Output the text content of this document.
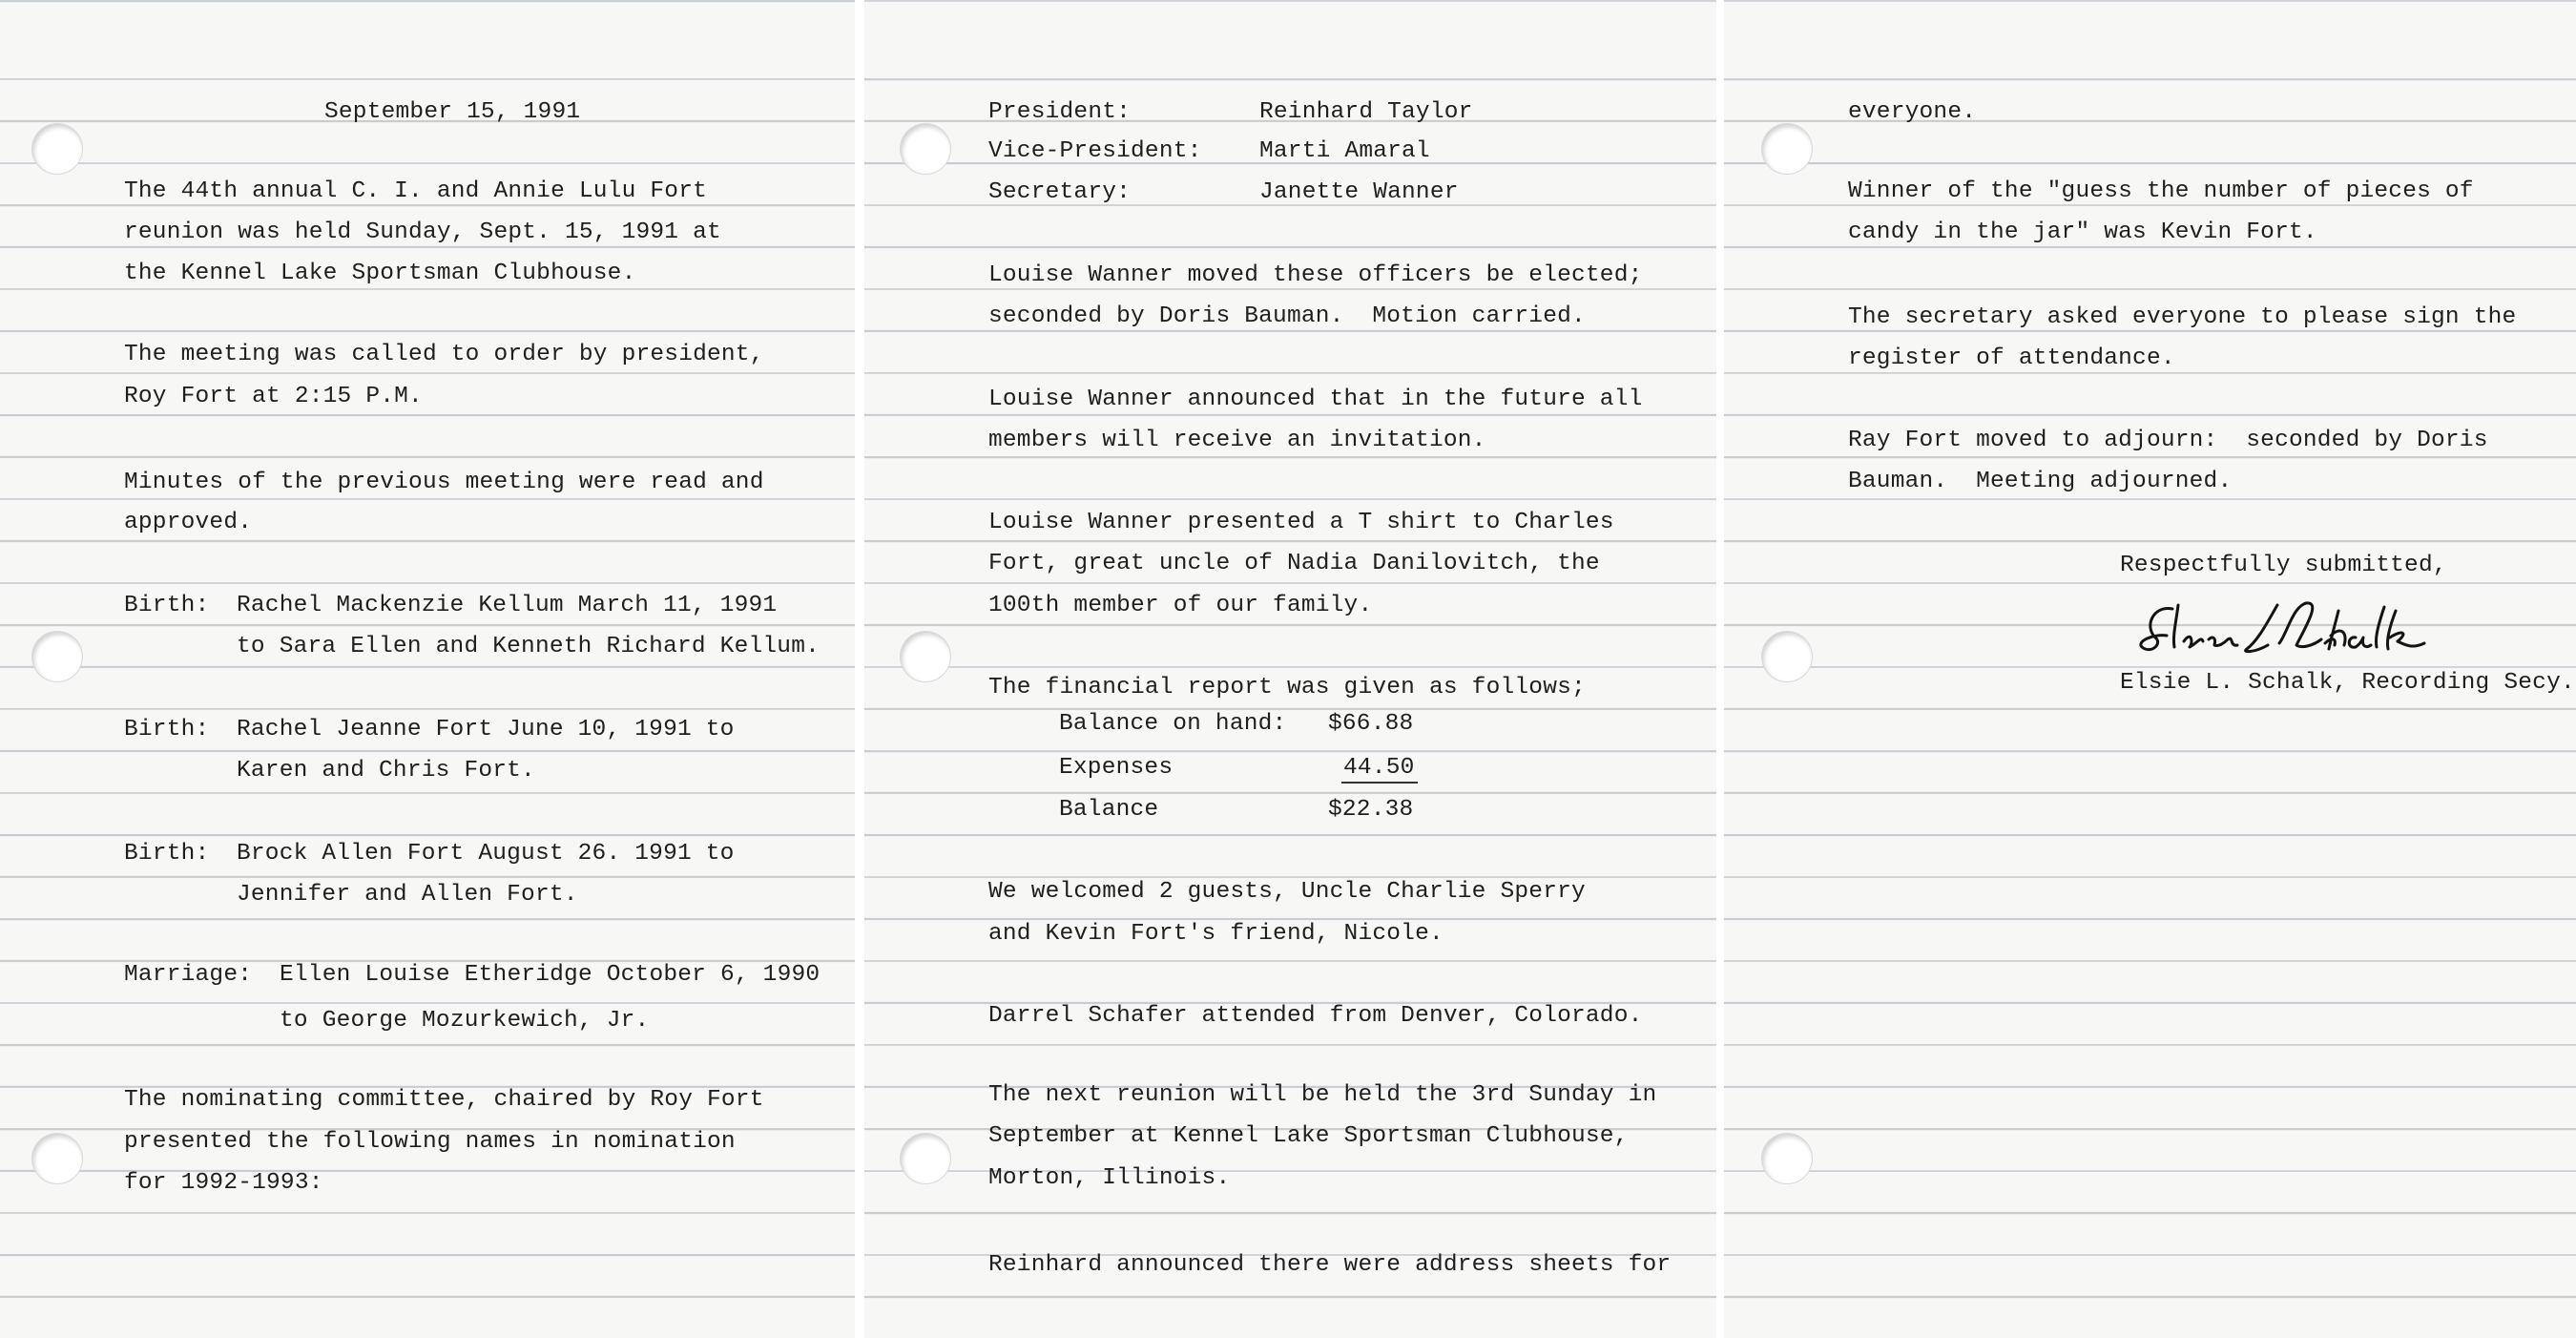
September 15, 1991
The 44th annual C. I. and Annie Lulu Fort
reunion was held Sunday, Sept. 15, 1991 at
the Kennel Lake Sportsman Clubhouse.
The meeting was called to order by president,
Roy Fort at 2:15 P.M.
Minutes of the previous meeting were read and
approved.
Birth: Rachel Mackenzie Kellum March 11, 1991
to Sara Ellen and Kenneth Richard Kellum.
Birth: Rachel Jeanne Fort June 10, 1991 to
Karen and Chris Fort.
Birth: Brock Allen Fort August 26. 1991 to
Jennifer and Allen Fort.
Marriage: Ellen Louise Etheridge October 6, 1990
to George Mozurkewich, Jr.
The nominating committee, chaired by Roy Fort
presented the following names in nomination
for 1992-1993:
President:	Reinhard Taylor
Vice-President: Marti Amaral
Secretary:	Janette Wanner
Louise Wanner moved these officers be elected;
seconded by Doris Bauman.  Motion carried.
Louise Wanner announced that in the future all
members will receive an invitation.
Louise Wanner presented a T shirt to Charles
Fort, great uncle of Nadia Danilovitch, the
100th member of our family.
The financial report was given as follows;
Balance on hand: $66.88
Expenses	44.50
Balance	$22.38
We welcomed 2 guests, Uncle Charlie Sperry
and Kevin Fort's friend, Nicole.
Darrel Schafer attended from Denver, Colorado.
The next reunion will be held the 3rd Sunday in
September at Kennel Lake Sportsman Clubhouse,
Morton, Illinois.
Reinhard announced there were address sheets for
everyone.
Winner of the "guess the number of pieces of
candy in the jar" was Kevin Fort.
The secretary asked everyone to please sign the
register of attendance.
Ray Fort moved to adjourn:  seconded by Doris
Bauman.  Meeting adjourned.
Respectfully submitted,
Elsie L. Schalk, Recording Secy.
